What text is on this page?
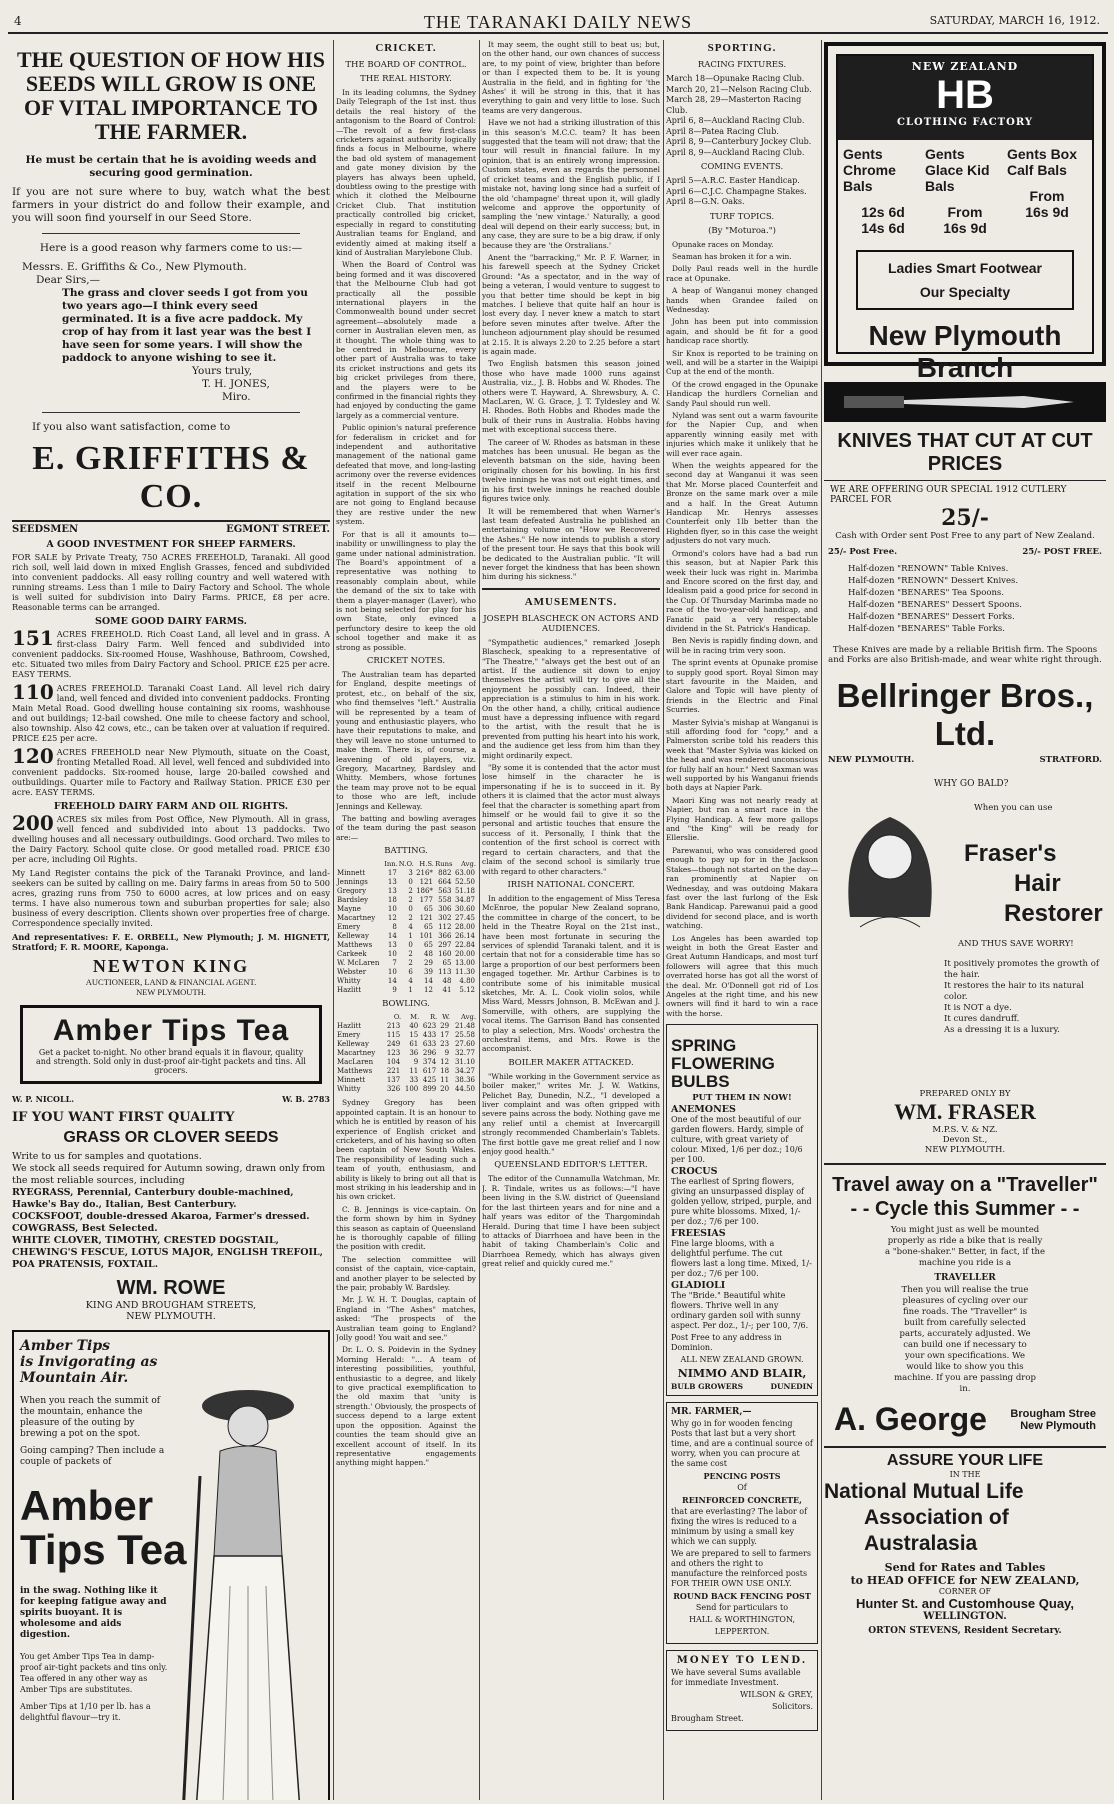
4	THE TARANAKI DAILY NEWS	SATURDAY, MARCH 16, 1912.
THE QUESTION OF HOW HIS SEEDS WILL GROW IS ONE OF VITAL IMPORTANCE TO THE FARMER.
He must be certain that he is avoiding weeds and securing good germination.
If you are not sure where to buy, watch what the best farmers in your district do and follow their example, and you will soon find yourself in our Seed Store.
Here is a good reason why farmers come to us:—
Messrs. E. Griffiths & Co., New Plymouth.
Dear Sirs,—
The grass and clover seeds I got from you two years ago—I think every seed germinated. It is a five acre paddock. My crop of hay from it last year was the best I have seen for some years. I will show the paddock to anyone wishing to see it.
Yours truly,
T. H. JONES,
Miro.
If you also want satisfaction, come to
E. GRIFFITHS & CO.
SEEDSMEN	EGMONT STREET.
A GOOD INVESTMENT FOR SHEEP FARMERS.
FOR SALE by Private Treaty, 750 ACRES FREEHOLD, Taranaki. All good rich soil, well laid down in mixed English Grasses, fenced and subdivided into convenient paddocks. All easy rolling country and well watered with running streams. Less than 1 mile to Dairy Factory and School. The whole is well suited for subdivision into Dairy Farms. PRICE, £8 per acre. Reasonable terms can be arranged.
SOME GOOD DAIRY FARMS.
151 ACRES FREEHOLD. Rich Coast Land, all level and in grass. A first-class Dairy Farm. Well fenced and subdivided into convenient paddocks. Six-roomed House, Washhouse, Bathroom, Cowshed, etc. Situated two miles from Dairy Factory and School. PRICE £25 per acre. EASY TERMS.
110 ACRES FREEHOLD. Taranaki Coast Land. All level rich dairy land, well fenced and divided into convenient paddocks. Fronting Main Metal Road. Good dwelling house containing six rooms, washhouse and out buildings; 12-bail cowshed. One mile to cheese factory and school, also township. Also 42 cows, etc., can be taken over at valuation if required. PRICE £25 per acre.
120 ACRES FREEHOLD near New Plymouth, situate on the Coast, fronting Metalled Road. All level, well fenced and subdivided into convenient paddocks. Six-roomed house, large 20-bailed cowshed and outbuildings. Quarter mile to Factory and Railway Station. PRICE £30 per acre. EASY TERMS.
FREEHOLD DAIRY FARM AND OIL RIGHTS.
200 ACRES six miles from Post Office, New Plymouth. All in grass, well fenced and subdivided into about 13 paddocks. Two dwelling houses and all necessary outbuildings. Good orchard. Two miles to the Dairy Factory. School quite close. Or good metalled road. PRICE £30 per acre, including Oil Rights.
My Land Register contains the pick of the Taranaki Province, and land-seekers can be suited by calling on me. Dairy farms in areas from 50 to 500 acres, grazing runs from 750 to 6000 acres, at low prices and on easy terms. I have also numerous town and suburban properties for sale; also business of every description. Clients shown over properties free of charge. Correspondence specially invited.
And representatives: F. E. ORBELL, New Plymouth; J. M. HIGNETT, Stratford; F. R. MOORE, Kaponga.
NEWTON KING
AUCTIONEER, LAND & FINANCIAL AGENT.
NEW PLYMOUTH.
Amber Tips Tea
Get a packet to-night. No other brand equals it in flavour, quality and strength. Sold only in dust-proof air-tight packets and tins. All grocers.
W. P. NICOLL.	W. B. 2783
IF YOU WANT FIRST QUALITY
GRASS OR CLOVER SEEDS

Write to us for samples and quotations.

We stock all seeds required for Autumn sowing, drawn only from the most reliable sources, including

RYEGRASS, Perennial, Canterbury double-machined, Hawke's Bay do., Italian, Best Canterbury.

COCKSFOOT, double-dressed Akaroa, Farmer's dressed.

COWGRASS, Best Selected.

WHITE CLOVER, TIMOTHY, CRESTED DOGSTAIL, CHEWING'S FESCUE, LOTUS MAJOR, ENGLISH TREFOIL, POA PRATENSIS, FOXTAIL.

WM. ROWE
KING AND BROUGHAM STREETS,
NEW PLYMOUTH.
Amber Tips
is Invigorating as
Mountain Air.
When you reach the summit of the mountain, enhance the pleasure of the outing by brewing a pot on the spot.
Going camping? Then include a couple of packets of
Amber
Tips Tea
in the swag. Nothing like it for keeping fatigue away and spirits buoyant. It is wholesome and aids digestion.
You get Amber Tips Tea in damp-proof air-tight packets and tins only. Tea offered in any other way as Amber Tips are substitutes.
Amber Tips at 1/10 per lb. has a delightful flavour—try it.
CRICKET.
THE BOARD OF CONTROL.
THE REAL HISTORY.

In its leading columns, the Sydney Daily Telegraph of the 1st inst. thus details the real history of the antagonism to the Board of Control:—The revolt of a few first-class cricketers against authority logically finds a focus in Melbourne, where the bad old system of management and gate money division by the players has always been upheld, doubtless owing to the prestige with which it clothed the Melbourne Cricket Club. That institution practically controlled big cricket, especially in regard to constituting Australian teams for England, and evidently aimed at making itself a kind of Australian Marylebone Club.

When the Board of Control was being formed and it was discovered that the Melbourne Club had got practically all the possible international players in the Commonwealth bound under secret agreement—absolutely made a corner in Australian eleven men, as it thought. The whole thing was to be centred in Melbourne, every other part of Australia was to take its cricket instructions and gets its big cricket privileges from there, and the players were to be confirmed in the financial rights they had enjoyed by conducting the game largely as a commercial venture.

Public opinion's natural preference for federalism in cricket and for independent and authoritative management of the national game defeated that move, and long-lasting acrimony over the reverse evidences itself in the recent Melbourne agitation in support of the six who are not going to England because they are restive under the new system.

For that is all it amounts to—inability or unwillingness to play the game under national administration. The Board's appointment of a representative was nothing to reasonably complain about, while the demand of the six to take with them a player-manager (Laver), who is not being selected for play for his own State, only evinced a perfunctory desire to keep the old school together and make it as strong as possible.

CRICKET NOTES.

The Australian team has departed for England, despite meetings of protest, etc., on behalf of the six, who find themselves "left." Australia will be represented by a team of young and enthusiastic players, who have their reputations to make, and they will leave no stone unturned to make them. There is, of course, a leavening of old players, viz. Gregory, Macartney, Bardsley and Whitty. Members, whose fortunes the team may prove not to be equal to those who are left, include Jennings and Kelleway.

The batting and bowling averages of the team during the past season are:—

BATTING.
	Inn.	N.O.	H.S.	Runs	Avg.
Minnett	17	3	216*	882	63.00
Jennings	13	0	121	664	52.50
Gregory	13	2	186*	563	51.18
Bardsley	18	2	177	558	34.87
Mayne	10	0	65	306	30.60
Macartney	12	2	121	302	27.45
Emery	8	4	65	112	28.00
Kelleway	14	1	101	366	26.14
Matthews	13	0	65	297	22.84
Carkeek	10	2	48	160	20.00
W. McLaren	7	2	29	65	13.00
Webster	10	6	39	113	11.30
Whitty	14	4	14	48	4.80
Hazlitt	9	1	12	41	5.12
BOWLING.
	O.	M.	R.	W.	Avg.
Hazlitt	213	40	623	29	21.48
Emery	115	15	433	17	25.58
Kelleway	249	61	633	23	27.60
Macartney	123	36	296	9	32.77
MacLaren	104	9	374	12	31.10
Matthews	221	11	617	18	34.27
Minnett	137	33	425	11	38.36
Whitty	326	100	899	20	44.50

Sydney Gregory has been appointed captain. It is an honour to which he is entitled by reason of his experience of English cricket and cricketers, and of his having so often been captain of New South Wales. The responsibility of leading such a team of youth, enthusiasm, and ability is likely to bring out all that is most striking in his leadership and in his own cricket.

C. B. Jennings is vice-captain. On the form shown by him in Sydney this season as captain of Queensland he is thoroughly capable of filling the position with credit.

The selection committee will consist of the captain, vice-captain, and another player to be selected by the pair, probably W. Bardsley.

Mr. J. W. H. T. Douglas, captain of England in "The Ashes" matches, asked: "The prospects of the Australian team going to England? Jolly good! You wait and see."

Dr. L. O. S. Poidevin in the Sydney Morning Herald: "... A team of interesting possibilities, youthful, enthusiastic to a degree, and likely to give practical exemplification to the old maxim that 'unity is strength.' Obviously, the prospects of success depend to a large extent upon the opposition. Against the counties the team should give an excellent account of itself. In its representative engagements anything might happen."

It may seem, the ought still to beat us; but, on the other hand, our own chances of success are, to my point of view, brighter than before or than I expected them to be. It is young Australia in the field, and in fighting for 'the Ashes' it will be strong in this, that it has everything to gain and very little to lose. Such teams are very dangerous.

Have we not had a striking illustration of this in this season's M.C.C. team? It has been suggested that the team will not draw; that the tour will result in financial failure. In my opinion, that is an entirely wrong impression. Custom states, even as regards the personnel of cricket teams and the English public, if I mistake not, having long since had a surfeit of the old 'champagne' threat upon it, will gladly welcome and approve the opportunity of sampling the 'new vintage.' Naturally, a good deal will depend on their early success; but, in any case, they are sure to be a big draw, if only because they are 'the Orstralians.'

Anent the "barracking," Mr. P. F. Warner, in his farewell speech at the Sydney Cricket Ground: "As a spectator, and in the way of being a veteran, I would venture to suggest to you that better time should be kept in big matches. I believe that quite half an hour is lost every day. I never knew a match to start before seven minutes after twelve. After the luncheon adjournment play should be resumed at 2.15. It is always 2.20 to 2.25 before a start is again made.

Two English batsmen this season joined those who have made 1000 runs against Australia, viz., J. B. Hobbs and W. Rhodes. The others were T. Hayward, A. Shrewsbury, A. C. MacLaren, W. G. Grace, J. T. Tyldesley and W. H. Rhodes. Both Hobbs and Rhodes made the bulk of their runs in Australia. Hobbs having met with exceptional success there.

The career of W. Rhodes as batsman in these matches has been unusual. He began as the eleventh batsman on the side, having been originally chosen for his bowling. In his first twelve innings he was not out eight times, and in his first twelve innings he reached double figures twice only.

It will be remembered that when Warner's last team defeated Australia he published an entertaining volume on "How we Recovered the Ashes." He now intends to publish a story of the present tour. He says that this book will be dedicated to the Australian public. "It will never forget the kindness that has been shown him during his sickness."

AMUSEMENTS.
JOSEPH BLASCHECK ON ACTORS AND AUDIENCES.

"Sympathetic audiences," remarked Joseph Blascheck, speaking to a representative of "The Theatre," "always get the best out of an artist. If the audience sit down to enjoy themselves the artist will try to give all the enjoyment he possibly can. Indeed, their appreciation is a stimulus to him in his work. On the other hand, a chilly, critical audience must have a depressing influence with regard to the artist, with the result that he is prevented from putting his heart into his work, and the audience get less from him than they might ordinarily expect.

"By some it is contended that the actor must lose himself in the character he is impersonating if he is to succeed in it. By others it is claimed that the actor must always feel that the character is something apart from himself or he would fail to give it so the personal and artistic touches that ensure the success of it. Personally, I think that the contention of the first school is correct with regard to certain characters, and that the claim of the second school is similarly true with regard to other characters."

IRISH NATIONAL CONCERT.

In addition to the engagement of Miss Teresa McEnroe, the popular New Zealand soprano, the committee in charge of the concert, to be held in the Theatre Royal on the 21st inst., have been most fortunate in securing the services of splendid Taranaki talent, and it is certain that not for a considerable time has so large a proportion of our best performers been engaged together. Mr. Arthur Carbines is to contribute some of his inimitable musical sketches, Mr. A. L. Cook violin solos, while Miss Ward, Messrs Johnson, B. McEwan and J. Somerville, with others, are supplying the vocal items. The Garrison Band has consented to play a selection, Mrs. Woods' orchestra the orchestral items, and Mrs. Rowe is the accompanist.

BOILER MAKER ATTACKED.

"While working in the Government service as boiler maker," writes Mr. J. W. Watkins, Pelichet Bay, Dunedin, N.Z., "I developed a liver complaint and was often gripped with severe pains across the body. Nothing gave me any relief until a chemist at Invercargill strongly recommended Chamberlain's Tablets. The first bottle gave me great relief and I now enjoy good health."

QUEENSLAND EDITOR'S LETTER.

The editor of the Cunnamulla Watchman, Mr. J. R. Tindale, writes us as follows:—"I have been living in the S.W. district of Queensland for the last thirteen years and for nine and a half years was editor of the Thargomindah Herald. During that time I have been subject to attacks of Diarrhoea and have been in the habit of taking Chamberlain's Colic and Diarrhoea Remedy, which has always given great relief and quickly cured me."

SPORTING.
RACING FIXTURES.
March 18—Opunake Racing Club.
March 20, 21—Nelson Racing Club.
March 28, 29—Masterton Racing Club.
April 6, 8—Auckland Racing Club.
April 8—Patea Racing Club.
April 8, 9—Canterbury Jockey Club.
April 8, 9—Auckland Racing Club.
COMING EVENTS.
April 5—A.R.C. Easter Handicap.
April 6—C.J.C. Champagne Stakes.
April 8—G.N. Oaks.
TURF TOPICS.
(By "Moturoa.")

Opunake races on Monday.

Seaman has broken it for a win.

Dolly Paul reads well in the hurdle race at Opunake.

A heap of Wanganui money changed hands when Grandee failed on Wednesday.

John has been put into commission again, and should be fit for a good handicap race shortly.

Sir Knox is reported to be training on well, and will be a starter in the Waipipi Cup at the end of the month.

Of the crowd engaged in the Opunake Handicap the hurdlers Cornelian and Sandy Paul should run well.

Nyland was sent out a warm favourite for the Napier Cup, and when apparently winning easily met with injuries which make it unlikely that he will ever race again.

When the weights appeared for the second day at Wanganui it was seen that Mr. Morse placed Counterfeit and Bronze on the same mark over a mile and a half. In the Great Autumn Handicap Mr. Henrys assesses Counterfeit only 1lb better than the Highden flyer, so in this case the weight adjusters do not vary much.

Ormond's colors have had a bad run this season, but at Napier Park this week their luck was right in. Marimba and Encore scored on the first day, and Idealism paid a good price for second in the Cup. Of Thursday Marimba made no race of the two-year-old handicap, and Fanatic paid a very respectable dividend in the St. Patrick's Handicap.

Ben Nevis is rapidly finding down, and will be in racing trim very soon.

The sprint events at Opunake promise to supply good sport. Royal Simon may start favourite in the Maiden, and Galore and Topic will have plenty of friends in the Electric and Final Scurries.

Master Sylvia's mishap at Wanganui is still affording food for "copy," and a Palmerston scribe told his readers this week that "Master Sylvia was kicked on the head and was rendered unconscious for fully half an hour." Next Saxman was well supported by his Wanganui friends both days at Napier Park.

Maori King was not nearly ready at Napier, but ran a smart race in the Flying Handicap. A few more gallops and "the King" will be ready for Ellerslie.

Parewanui, who was considered good enough to pay up for in the Jackson Stakes—though not started on the day—ran prominently at Napier on Wednesday, and was outdoing Makara fast over the last furlong of the Esk Bank Handicap. Parewanui paid a good dividend for second place, and is worth watching.

Los Angeles has been awarded top weight in both the Great Easter and Great Autumn Handicaps, and most turf followers will agree that this much overrated horse has got all the worst of the deal. Mr. O'Donnell got rid of Los Angeles at the right time, and his new owners will find it hard to win a race with the horse.

SPRING
FLOWERING
BULBS
PUT THEM IN NOW!
ANEMONES
One of the most beautiful of our garden flowers. Hardy, simple of culture, with great variety of colour. Mixed, 1/6 per doz.; 10/6 per 100.
CROCUS
The earliest of Spring flowers, giving an unsurpassed display of golden yellow, striped, purple, and pure white blossoms. Mixed, 1/- per doz.; 7/6 per 100.
FREESIAS
Fine large blooms, with a delightful perfume. The cut flowers last a long time. Mixed, 1/- per doz.; 7/6 per 100.
GLADIOLI
The "Bride." Beautiful white flowers. Thrive well in any ordinary garden soil with sunny aspect. Per doz., 1/-; per 100, 7/6.
Post Free to any address in Dominion.
ALL NEW ZEALAND GROWN.
NIMMO AND BLAIR,
BULB GROWERS	DUNEDIN
MR. FARMER,—
Why go in for wooden fencing Posts that last but a very short time, and are a continual source of worry, when you can procure at the same cost
PENCING POSTS
Of
REINFORCED CONCRETE,
that are everlasting? The labor of fixing the wires is reduced to a minimum by using a small key which we can supply.
We are prepared to sell to farmers and others the right to manufacture the reinforced posts FOR THEIR OWN USE ONLY.
ROUND BACK FENCING POST
Send for particulars to
HALL & WORTHINGTON,
LEPPERTON.
MONEY TO LEND.
We have several Sums available for immediate Investment.
WILSON & GREY,
Solicitors.
Brougham Street.
NEW ZEALAND
HB
CLOTHING FACTORY
Gents Chrome Bals
12s 6d
14s 6d
Gents Glace Kid Bals
From
16s 9d
Gents Box Calf Bals
From
16s 9d
Ladies Smart Footwear
Our Specialty
New Plymouth Branch
KNIVES THAT CUT AT CUT PRICES
WE ARE OFFERING OUR SPECIAL 1912 CUTLERY PARCEL FOR
25/-
Cash with Order sent Post Free to any part of New Zealand.
25/- Post Free.	25/- POST FREE.
Half-dozen "RENOWN" Table Knives.
Half-dozen "RENOWN" Dessert Knives.
Half-dozen "BENARES" Tea Spoons.
Half-dozen "BENARES" Dessert Spoons.
Half-dozen "BENARES" Dessert Forks.
Half-dozen "BENARES" Table Forks.
These Knives are made by a reliable British firm. The Spoons and Forks are also British-made, and wear white right through.
Bellringer Bros., Ltd.
NEW PLYMOUTH.	STRATFORD.
WHY GO BALD?
When you can use
Fraser's
Hair
Restorer
AND THUS SAVE WORRY!
It positively promotes the growth of the hair.
It restores the hair to its natural color.
It is NOT a dye.
It cures dandruff.
As a dressing it is a luxury.
PREPARED ONLY BY
WM. FRASER
M.P.S. V. & NZ.
Devon St.,
NEW PLYMOUTH.
Travel away on a "Traveller"
- - Cycle this Summer - -
You might just as well be mounted properly as ride a bike that is really a "bone-shaker." Better, in fact, if the machine you ride is a
TRAVELLER
Then you will realise the true pleasures of cycling over our fine roads. The "Traveller" is built from carefully selected parts, accurately adjusted. We can build one if necessary to your own specifications. We would like to show you this machine. If you are passing drop in.
A. George Brougham Stree
New Plymouth
ASSURE YOUR LIFE
IN THE
National Mutual Life
Association of Australasia
Send for Rates and Tables
to HEAD OFFICE for NEW ZEALAND,
CORNER OF
Hunter St. and Customhouse Quay,
WELLINGTON.
ORTON STEVENS, Resident Secretary.
